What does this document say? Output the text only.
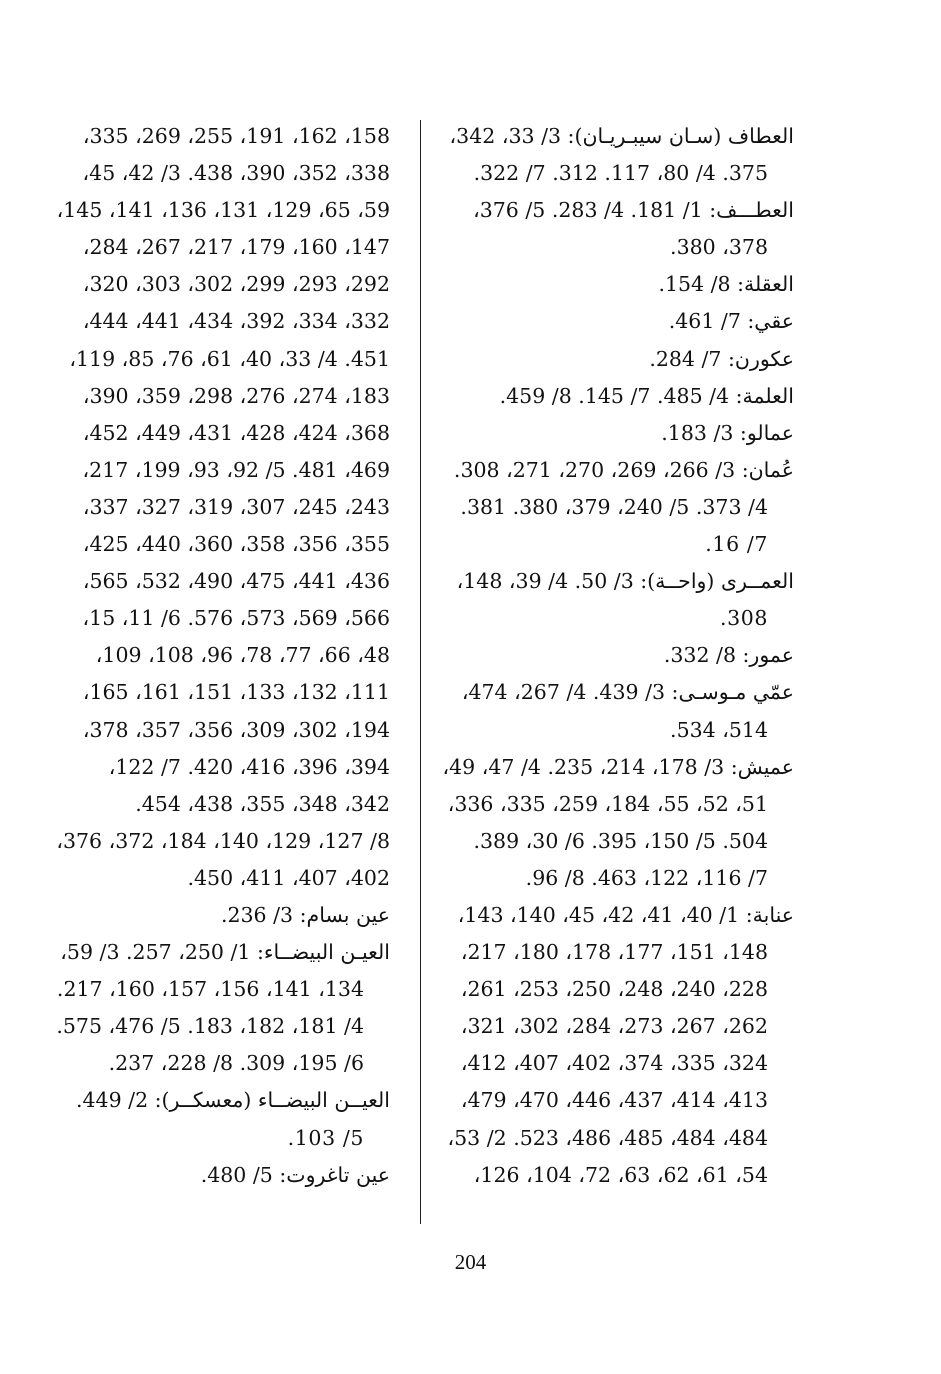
العطاف (سـان سيبـريـان): 3/ 33، 342،
375. 4/ 80، 117. 312. 7/ 322.
العطـــف: 1/ 181. 4/ 283. 5/ 376،
378، 380.
العقلة: 8/ 154.
عقي: 7/ 461.
عكورن: 7/ 284.
العلمة: 4/ 485. 7/ 145. 8/ 459.
عمالو: 3/ 183.
عُمان: 3/ 266، 269، 270، 271، 308.
4/ 373. 5/ 240، 379، 380. 381.
7/ 16.
العمــرى (واحــة): 3/ 50. 4/ 39، 148،
308.
عمور: 8/ 332.
عمّي مـوسـى: 3/ 439. 4/ 267، 474،
514، 534.
عميش: 3/ 178، 214، 235. 4/ 47، 49،
51، 52، 55، 184، 259، 335، 336،
504. 5/ 150، 395. 6/ 30، 389.
7/ 116، 122، 463. 8/ 96.
عنابة: 1/ 40، 41، 42، 45، 140، 143،
148، 151، 177، 178، 180، 217،
228، 240، 248، 250، 253، 261،
262، 267، 273، 284، 302، 321،
324، 335، 374، 402، 407، 412،
413، 414، 437، 446، 470، 479،
484، 484، 485، 486، 523. 2/ 53،
54، 61، 62، 63، 72، 104، 126،
158، 162، 191، 255، 269، 335،
338، 352، 390، 438. 3/ 42، 45،
59، 65، 129، 131، 136، 141، 145،
147، 160، 179، 217، 267، 284،
292، 293، 299، 302، 303، 320،
332، 334، 392، 434، 441، 444،
451. 4/ 33، 40، 61، 76، 85، 119،
183، 274، 276، 298، 359، 390،
368، 424، 428، 431، 449، 452،
469، 481. 5/ 92، 93، 199، 217،
243، 245، 307، 319، 327، 337،
355، 356، 358، 360، 440، 425،
436، 441، 475، 490، 532، 565،
566، 569، 573، 576. 6/ 11، 15،
48، 66، 77، 78، 96، 108، 109،
111، 132، 133، 151، 161، 165،
194، 302، 309، 356، 357، 378،
394، 396، 416، 420. 7/ 122،
342، 348، 355، 438، 454.
8/ 127، 129، 140، 184، 372، 376،
402، 407، 411، 450.
عين بسام: 3/ 236.
العيـن البيضــاء: 1/ 250، 257. 3/ 59،
134، 141، 156، 157، 160، 217.
4/ 181، 182، 183. 5/ 476، 575.
6/ 195، 309. 8/ 228، 237.
العيــن البيضــاء (معسكــر): 2/ 449.
5/ 103.
عين تاغروت: 5/ 480.
204
